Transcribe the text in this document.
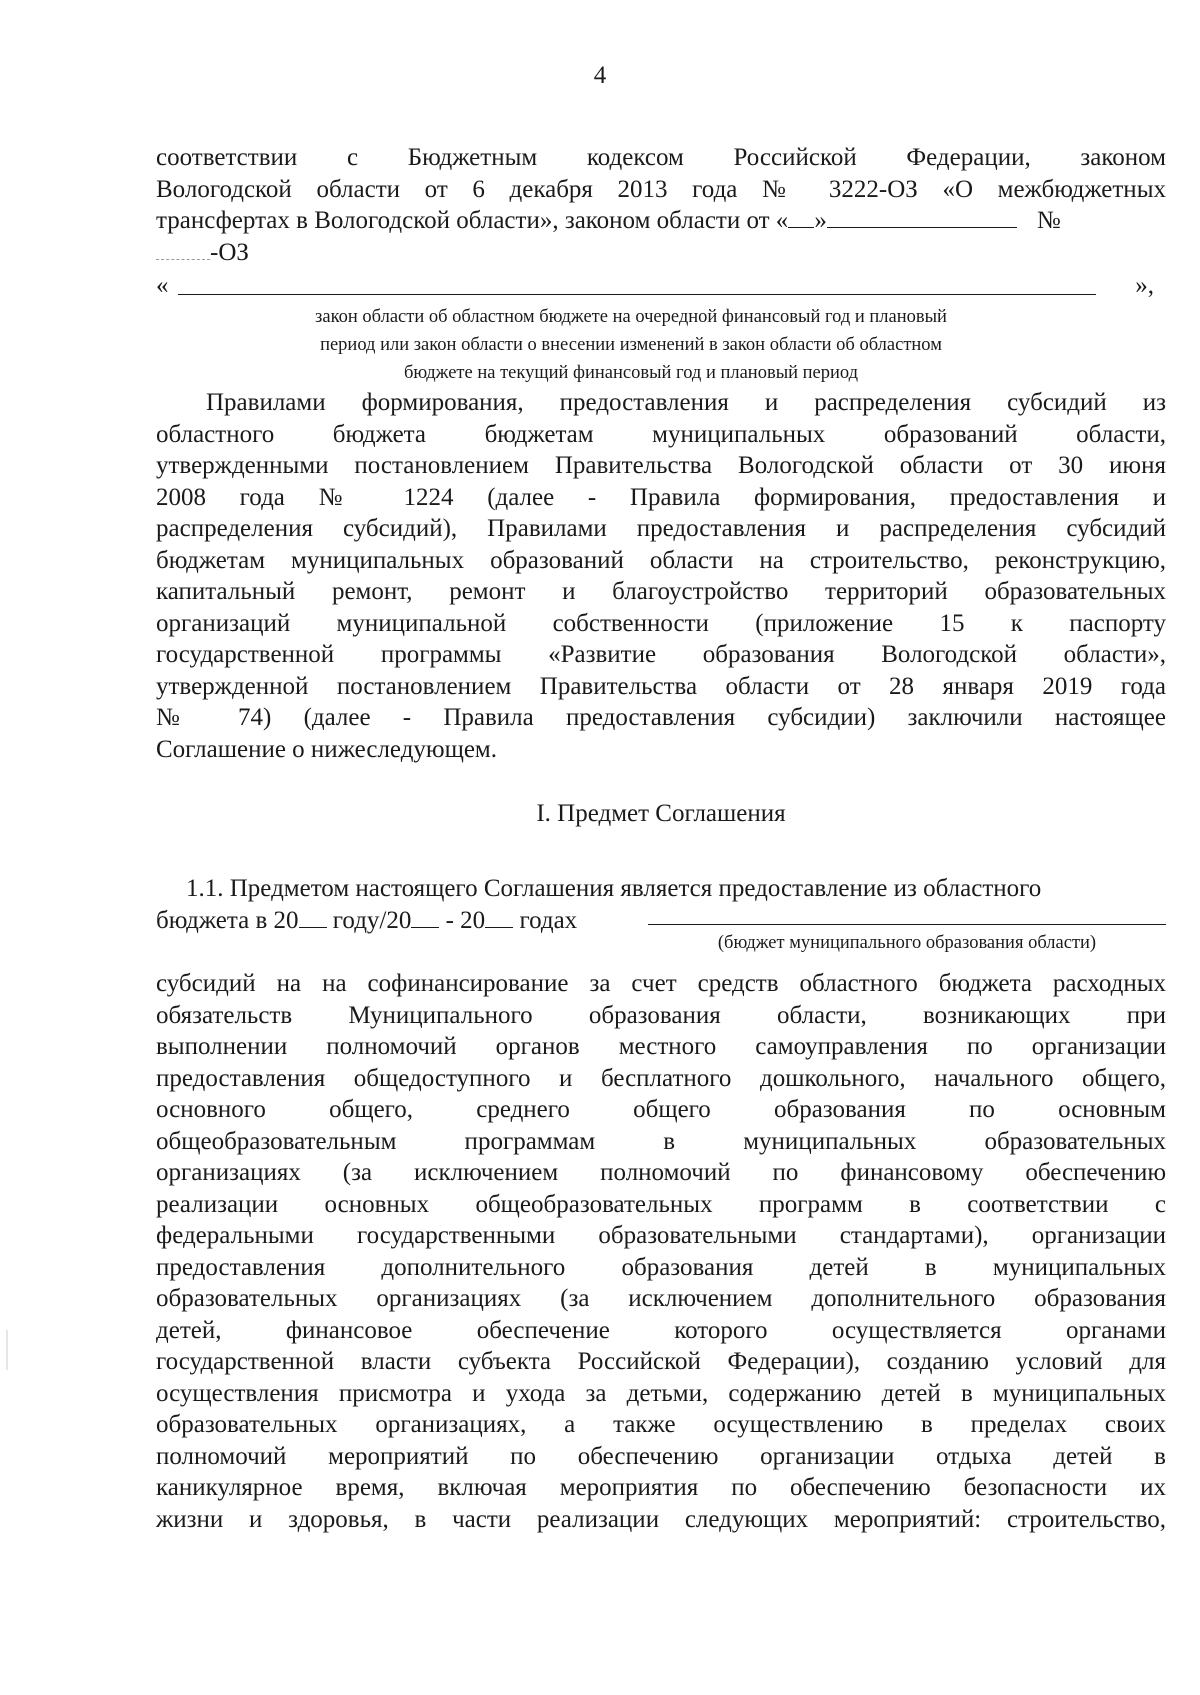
4
соответствии с Бюджетным кодексом Российской Федерации, законом
Вологодской области от 6 декабря 2013 года № 3222-ОЗ «О межбюджетных
трансфертах в Вологодской области», законом области от « »	№
-ОЗ
«	»,
закон области об областном бюджете на очередной финансовый год и плановый
период или закон области о внесении изменений в закон области об областном
бюджете на текущий финансовый год и плановый период
Правилами формирования, предоставления и распределения субсидий из
областного бюджета бюджетам муниципальных образований области,
утвержденными постановлением Правительства Вологодской области от 30 июня
2008 года № 1224 (далее - Правила формирования, предоставления и
распределения субсидий), Правилами предоставления и распределения субсидий
бюджетам муниципальных образований области на строительство, реконструкцию,
капитальный ремонт, ремонт и благоустройство территорий образовательных
организаций муниципальной собственности (приложение 15 к паспорту
государственной программы «Развитие образования Вологодской области»,
утвержденной постановлением Правительства области от 28 января 2019 года
№ 74) (далее - Правила предоставления субсидии) заключили настоящее
Соглашение о нижеследующем.
I. Предмет Соглашения
1.1. Предметом настоящего Соглашения является предоставление из областного
бюджета в 20 году/20 - 20 годах
(бюджет муниципального образования области)
субсидий на на софинансирование за счет средств областного бюджета расходных
обязательств Муниципального образования области, возникающих при
выполнении полномочий органов местного самоуправления по организации
предоставления общедоступного и бесплатного дошкольного, начального общего,
основного общего, среднего общего образования по основным
общеобразовательным программам в муниципальных образовательных
организациях (за исключением полномочий по финансовому обеспечению
реализации основных общеобразовательных программ в соответствии с
федеральными государственными образовательными стандартами), организации
предоставления дополнительного образования детей в муниципальных
образовательных организациях (за исключением дополнительного образования
детей, финансовое обеспечение которого осуществляется органами
государственной власти субъекта Российской Федерации), созданию условий для
осуществления присмотра и ухода за детьми, содержанию детей в муниципальных
образовательных организациях, а также осуществлению в пределах своих
полномочий мероприятий по обеспечению организации отдыха детей в
каникулярное время, включая мероприятия по обеспечению безопасности их
жизни и здоровья, в части реализации следующих мероприятий: строительство,
